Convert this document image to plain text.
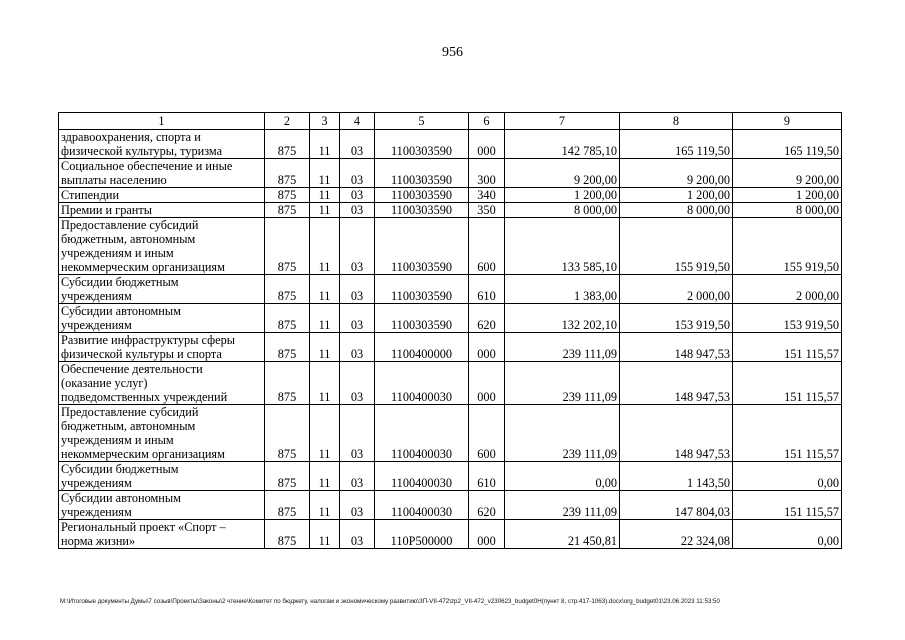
956
1	2	3	4	5	6	7	8	9

здравоохранения, спорта и
физической культуры, туризма	875	11	03	1100303590	000	142 785,10	165 119,50	165 119,50

Социальное обеспечение и иные
выплаты населению	875	11	03	1100303590	300	9 200,00	9 200,00	9 200,00

Стипендии	875	11	03	1100303590	340	1 200,00	1 200,00	1 200,00

Премии и гранты	875	11	03	1100303590	350	8 000,00	8 000,00	8 000,00

Предоставление субсидий
бюджетным, автономным
учреждениям и иным
некоммерческим организациям	875	11	03	1100303590	600	133 585,10	155 919,50	155 919,50

Субсидии бюджетным
учреждениям	875	11	03	1100303590	610	1 383,00	2 000,00	2 000,00

Субсидии автономным
учреждениям	875	11	03	1100303590	620	132 202,10	153 919,50	153 919,50

Развитие инфраструктуры сферы
физической культуры и спорта	875	11	03	1100400000	000	239 111,09	148 947,53	151 115,57

Обеспечение деятельности
(оказание услуг)
подведомственных учреждений	875	11	03	1100400030	000	239 111,09	148 947,53	151 115,57

Предоставление субсидий
бюджетным, автономным
учреждениям и иным
некоммерческим организациям	875	11	03	1100400030	600	239 111,09	148 947,53	151 115,57

Субсидии бюджетным
учреждениям	875	11	03	1100400030	610	0,00	1 143,50	0,00

Субсидии автономным
учреждениям	875	11	03	1100400030	620	239 111,09	147 804,03	151 115,57

Региональный проект «Спорт –
норма жизни»	875	11	03	110Р500000	000	21 450,81	22 324,08	0,00
M:\Итоговые документы Думы\7 созыв\Проекты\Законы\2 чтение\Комитет по бюджету, налогам и экономическому развитию\ЗП-VII-472\zp2_VII-472_v230623_budget0H(пункт 8, стр.417-1063).docx\org_budget01\23.06.2023 11:53:50
